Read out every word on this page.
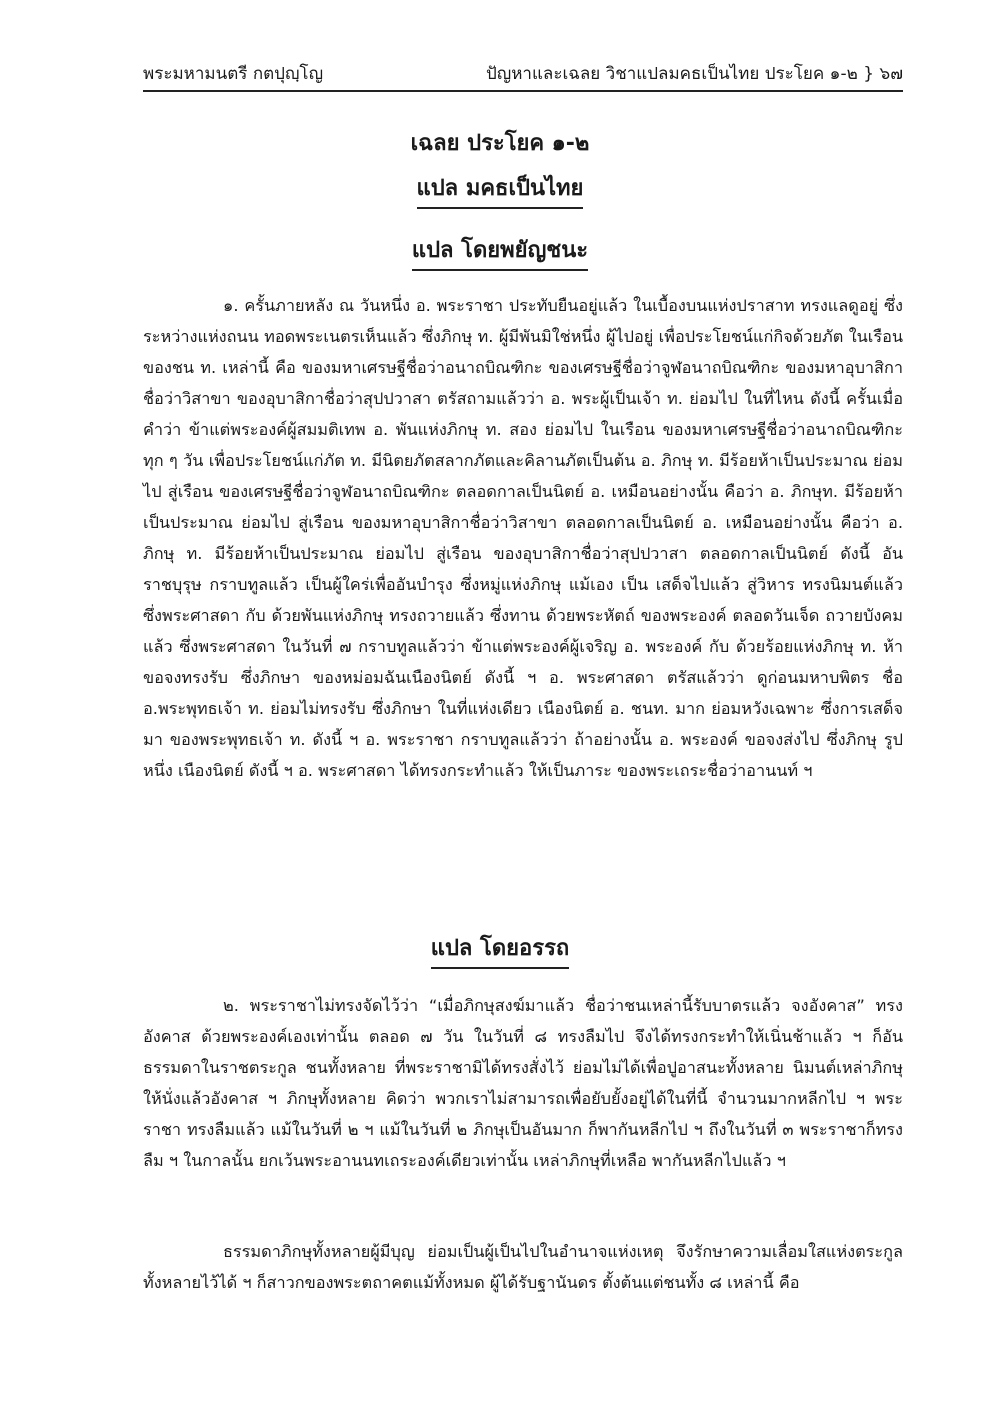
พระมหามนตรี กตปุญฺโญ	ปัญหาและเฉลย วิชาแปลมคธเป็นไทย ประโยค ๑-๒ } ๖๗
เฉลย ประโยค ๑-๒
แปล มคธเป็นไทย
แปล โดยพยัญชนะ

๑. ครั้นภายหลัง ณ วันหนึ่ง อ. พระราชา ประทับยืนอยู่แล้ว ในเบื้องบนแห่งปราสาท ทรงแลดูอยู่ ซึ่งระหว่างแห่งถนน ทอดพระเนตรเห็นแล้ว ซึ่งภิกษุ ท. ผู้มีพันมิใช่หนึ่ง ผู้ไปอยู่ เพื่อประโยชน์แก่กิจด้วยภัต ในเรือน ของชน ท. เหล่านี้ คือ ของมหาเศรษฐีชื่อว่าอนาถบิณฑิกะ ของเศรษฐีชื่อว่าจูฬอนาถบิณฑิกะ ของมหาอุบาสิกาชื่อว่าวิสาขา ของอุบาสิกาชื่อว่าสุปปวาสา ตรัสถามแล้วว่า อ. พระผู้เป็นเจ้า ท. ย่อมไป ในที่ไหน ดังนี้ ครั้นเมื่อคำว่า ข้าแต่พระองค์ผู้สมมติเทพ อ. พันแห่งภิกษุ ท. สอง ย่อมไป ในเรือน ของมหาเศรษฐีชื่อว่าอนาถบิณฑิกะ ทุก ๆ วัน เพื่อประโยชน์แก่ภัต ท. มีนิตยภัตสลากภัตและคิลานภัตเป็นต้น อ. ภิกษุ ท. มีร้อยห้าเป็นประมาณ ย่อมไป สู่เรือน ของเศรษฐีชื่อว่าจูฬอนาถบิณฑิกะ ตลอดกาลเป็นนิตย์ อ. เหมือนอย่างนั้น คือว่า อ. ภิกษุท. มีร้อยห้าเป็นประมาณ ย่อมไป สู่เรือน ของมหาอุบาสิกาชื่อว่าวิสาขา ตลอดกาลเป็นนิตย์ อ. เหมือนอย่างนั้น คือว่า อ. ภิกษุ ท. มีร้อยห้าเป็นประมาณ ย่อมไป สู่เรือน ของอุบาสิกาชื่อว่าสุปปวาสา ตลอดกาลเป็นนิตย์ ดังนี้ อันราชบุรุษ กราบทูลแล้ว เป็นผู้ใคร่เพื่ออันบำรุง ซึ่งหมู่แห่งภิกษุ แม้เอง เป็น เสด็จไปแล้ว สู่วิหาร ทรงนิมนต์แล้ว ซึ่งพระศาสดา กับ ด้วยพันแห่งภิกษุ ทรงถวายแล้ว ซึ่งทาน ด้วยพระหัตถ์ ของพระองค์ ตลอดวันเจ็ด ถวายบังคมแล้ว ซึ่งพระศาสดา ในวันที่ ๗ กราบทูลแล้วว่า ข้าแต่พระองค์ผู้เจริญ อ. พระองค์ กับ ด้วยร้อยแห่งภิกษุ ท. ห้า ขอจงทรงรับ ซึ่งภิกษา ของหม่อมฉันเนืองนิตย์ ดังนี้ ฯ อ. พระศาสดา ตรัสแล้วว่า ดูก่อนมหาบพิตร ชื่อ อ.พระพุทธเจ้า ท. ย่อมไม่ทรงรับ ซึ่งภิกษา ในที่แห่งเดียว เนืองนิตย์ อ. ชนท. มาก ย่อมหวังเฉพาะ ซึ่งการเสด็จมา ของพระพุทธเจ้า ท. ดังนี้ ฯ อ. พระราชา กราบทูลแล้วว่า ถ้าอย่างนั้น อ. พระองค์ ขอจงส่งไป ซึ่งภิกษุ รูปหนึ่ง เนืองนิตย์ ดังนี้ ฯ อ. พระศาสดา ได้ทรงกระทำแล้ว ให้เป็นภาระ ของพระเถระชื่อว่าอานนท์ ฯ

แปล โดยอรรถ

๒. พระราชาไม่ทรงจัดไว้ว่า “เมื่อภิกษุสงฆ์มาแล้ว ชื่อว่าชนเหล่านี้รับบาตรแล้ว จงอังคาส” ทรงอังคาส ด้วยพระองค์เองเท่านั้น ตลอด ๗ วัน ในวันที่ ๘ ทรงลืมไป จึงได้ทรงกระทำให้เนิ่นช้าแล้ว ฯ ก็อันธรรมดาในราชตระกูล ชนทั้งหลาย ที่พระราชามิได้ทรงสั่งไว้ ย่อมไม่ได้เพื่อปูอาสนะทั้งหลาย นิมนต์เหล่าภิกษุให้นั่งแล้วอังคาส ฯ ภิกษุทั้งหลาย คิดว่า พวกเราไม่สามารถเพื่อยับยั้งอยู่ได้ในที่นี้ จำนวนมากหลีกไป ฯ พระราชา ทรงลืมแล้ว แม้ในวันที่ ๒ ฯ แม้ในวันที่ ๒ ภิกษุเป็นอันมาก ก็พากันหลีกไป ฯ ถึงในวันที่ ๓ พระราชาก็ทรงลืม ฯ ในกาลนั้น ยกเว้นพระอานนทเถระองค์เดียวเท่านั้น เหล่าภิกษุที่เหลือ พากันหลีกไปแล้ว ฯ

ธรรมดาภิกษุทั้งหลายผู้มีบุญ ย่อมเป็นผู้เป็นไปในอำนาจแห่งเหตุ จึงรักษาความเลื่อมใสแห่งตระกูลทั้งหลายไว้ได้ ฯ ก็สาวกของพระตถาคตแม้ทั้งหมด ผู้ได้รับฐานันดร ตั้งต้นแต่ชนทั้ง ๘ เหล่านี้ คือ
